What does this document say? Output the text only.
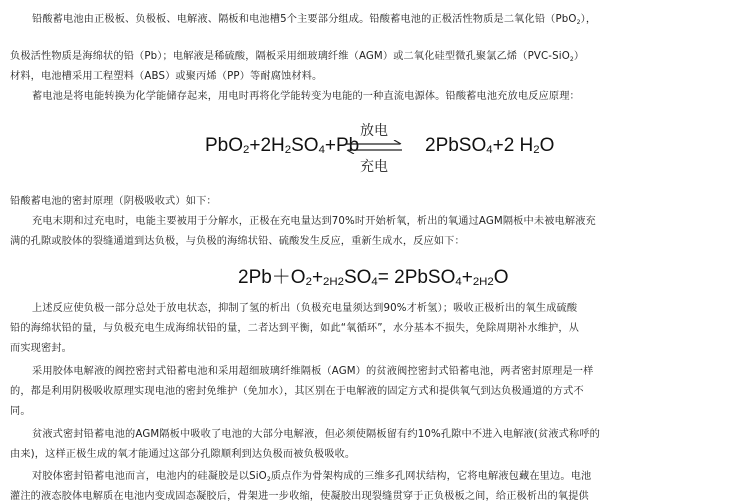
铅酸蓄电池由正极板、负极板、电解液、隔板和电池槽5个主要部分组成。铅酸蓄电池的正极活性物质是二氧化铅（PbO$_2$），
负极活性物质是海绵状的铅（Pb）；电解液是稀硫酸，隔板采用细玻璃纤维（AGM）或二氧化硅型微孔聚氯乙烯（PVC-SiO$_2$）
材料，电池槽采用工程塑料（ABS）或聚丙烯（PP）等耐腐蚀材料。
蓄电池是将电能转换为化学能储存起来，用电时再将化学能转变为电能的一种直流电源体。铅酸蓄电池充放电反应原理：
$PbO_2+2H_2SO_4+Pb$
放电
充电
2PbSO$_4$+2 $H_2O$
铅酸蓄电池的密封原理（阴极吸收式）如下：
充电末期和过充电时，电能主要被用于分解水，正极在充电量达到70%时开始析氧，析出的氧通过AGM隔板中未被电解液充
满的孔隙或胶体的裂缝通道到达负极，与负极的海绵状铅、硫酸发生反应，重新生成水，反应如下：
$2Pb+O_2+_{2H2}SO_4=$ $2PbSO_4+_{2H2}O$
上述反应使负极一部分总处于放电状态，抑制了氢的析出（负极充电量须达到90%才析氢）；吸收正极析出的氧生成硫酸
铅的海绵状铅的量，与负极充电生成海绵状铅的量，二者达到平衡，如此“氧循环”，水分基本不损失，免除周期补水维护，从
而实现密封。
采用胶体电解液的阀控密封式铅蓄电池和采用超细玻璃纤维隔板（AGM）的贫液阀控密封式铅蓄电池，两者密封原理是一样
的，都是利用阴极吸收原理实现电池的密封免维护（免加水），其区别在于电解液的固定方式和提供氧气到达负极通道的方式不
同。
贫液式密封铅蓄电池的AGM隔板中吸收了电池的大部分电解液，但必须使隔板留有约10%孔隙中不进入电解液(贫液式称呼的
由来)，这样正极生成的氧才能通过这部分孔隙顺利到达负极而被负极吸收。
对胶体密封铅蓄电池而言，电池内的硅凝胶是以SiO$_2$质点作为骨架构成的三维多孔网状结构，它将电解液包藏在里边。电池
灌注的液态胶体电解质在电池内变成固态凝胶后，骨架进一步收缩，使凝胶出现裂缝贯穿于正负极板之间，给正极析出的氧提供
